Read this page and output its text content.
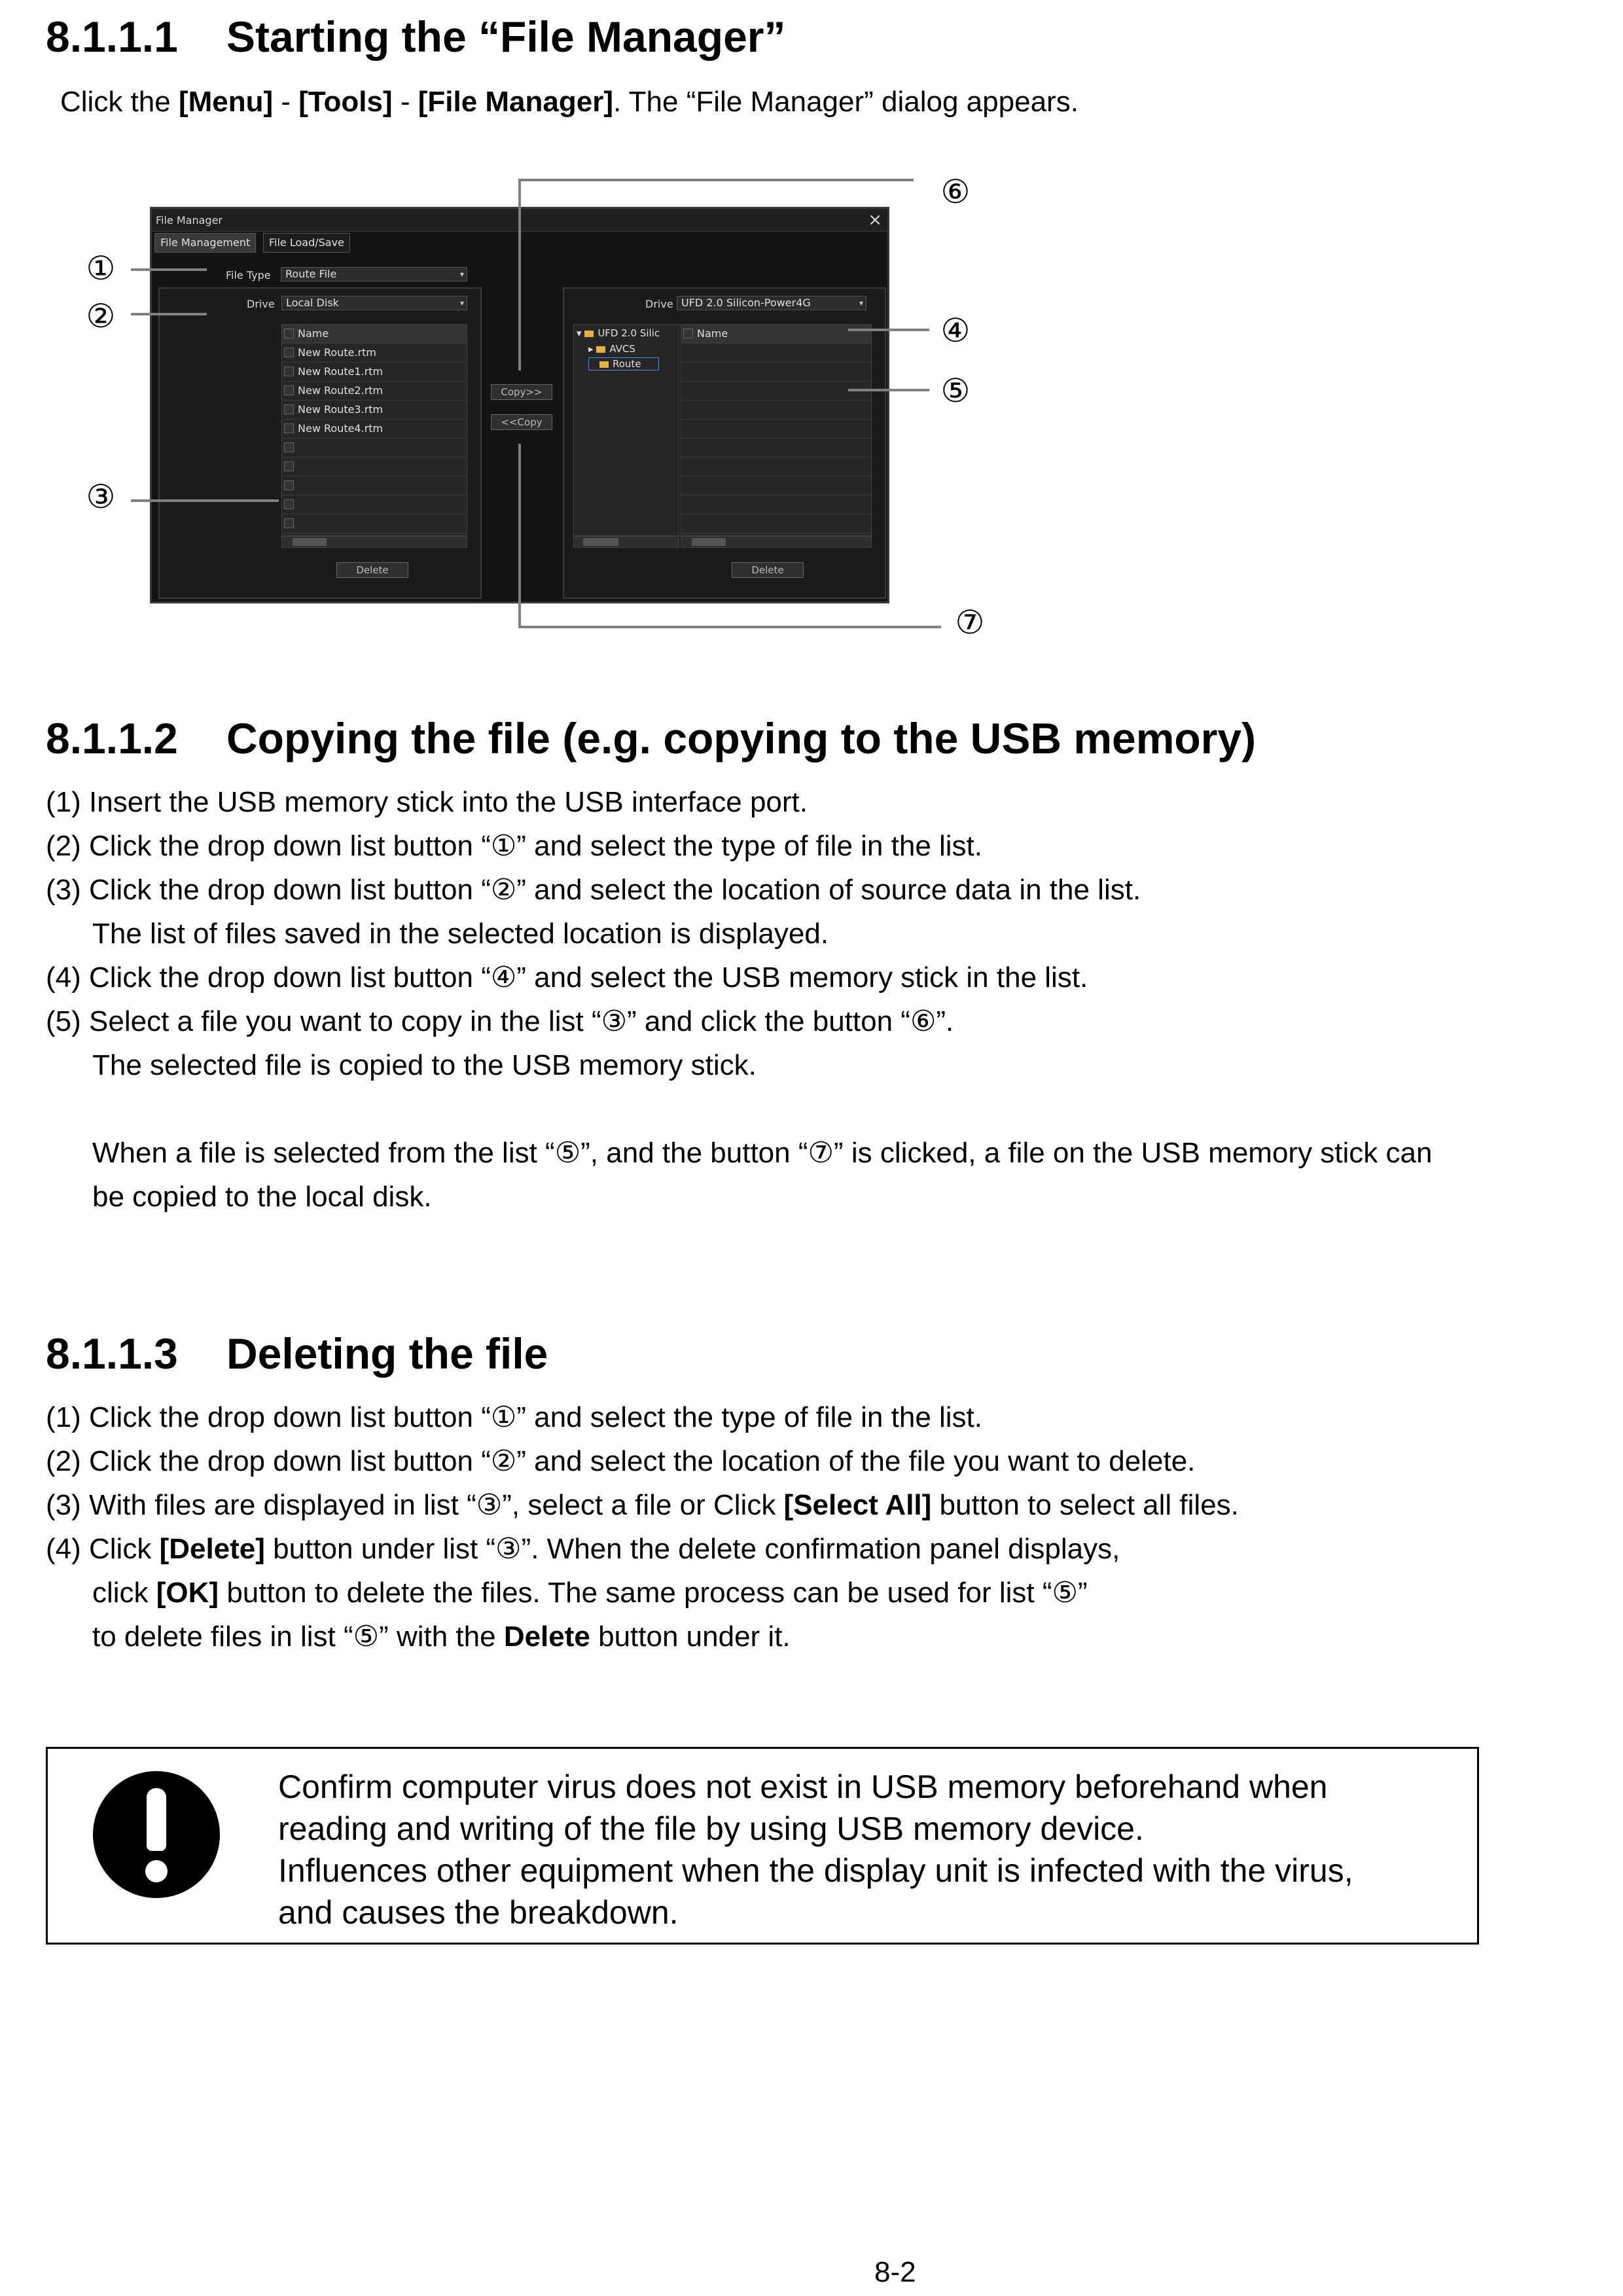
8.1.1.1 Starting the “File Manager”
Click the [Menu] - [Tools] - [File Manager]. The “File Manager” dialog appears.
File Manager	×
File Management	File Load/Save
File Type	Route File	▾
Drive	Local Disk	▾
Name
New Route.rtm
New Route1.rtm
New Route2.rtm
New Route3.rtm
New Route4.rtm
Delete
Copy>>
<<Copy
Drive UFD 2.0 Silicon-Power4G	▾
▾ UFD 2.0 Silic
▸ AVCS
Route
Name
Delete
①
②
③
④
⑤
⑥
⑦
8.1.1.2 Copying the file (e.g. copying to the USB memory)
(1) Insert the USB memory stick into the USB interface port.
(2) Click the drop down list button “①” and select the type of file in the list.
(3) Click the drop down list button “②” and select the location of source data in the list.
The list of files saved in the selected location is displayed.
(4) Click the drop down list button “④” and select the USB memory stick in the list.
(5) Select a file you want to copy in the list “③” and click the button “⑥”.
The selected file is copied to the USB memory stick.
When a file is selected from the list “⑤”, and the button “⑦” is clicked, a file on the USB memory stick can
be copied to the local disk.
8.1.1.3 Deleting the file
(1) Click the drop down list button “①” and select the type of file in the list.
(2) Click the drop down list button “②” and select the location of the file you want to delete.
(3) With files are displayed in list “③”, select a file or Click [Select All] button to select all files.
(4) Click [Delete] button under list “③”. When the delete confirmation panel displays,
click [OK] button to delete the files. The same process can be used for list “⑤”
to delete files in list “⑤” with the Delete button under it.
Confirm computer virus does not exist in USB memory beforehand when
reading and writing of the file by using USB memory device.
Influences other equipment when the display unit is infected with the virus,
and causes the breakdown.
8-2
